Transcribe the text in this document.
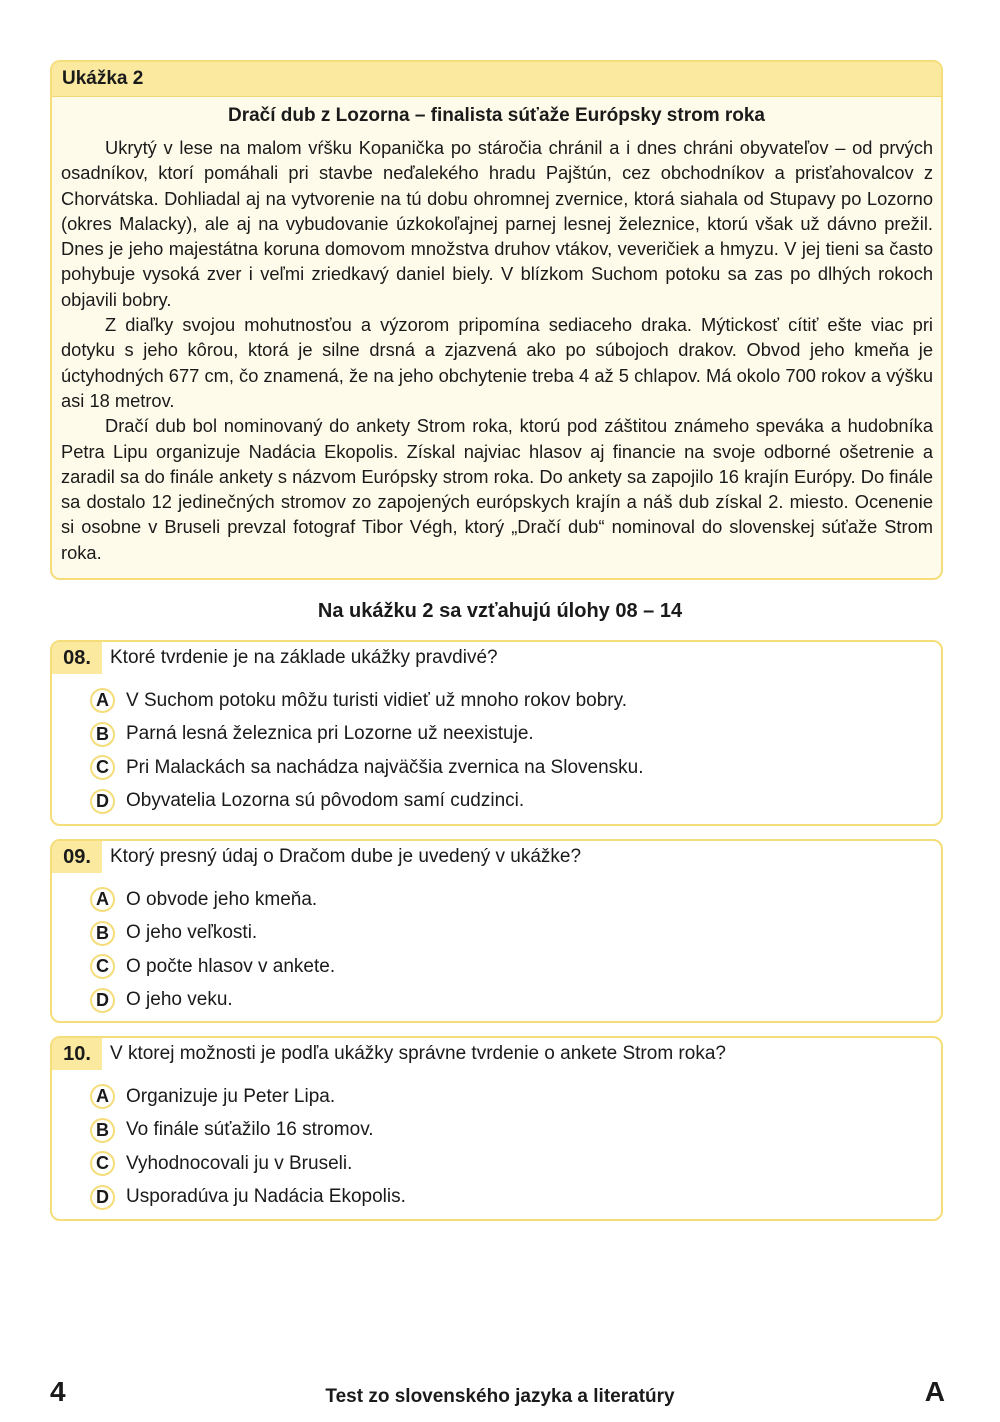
Ukážka 2
Dračí dub z Lozorna – finalista súťaže Európsky strom roka

Ukrytý v lese na malom vŕšku Kopanička po stáročia chránil a i dnes chráni obyvateľov – od prvých osadníkov, ktorí pomáhali pri stavbe neďalekého hradu Pajštún, cez obchodníkov a prisťahovalcov z Chorvátska. Dohliadal aj na vytvorenie na tú dobu ohromnej zvernice, ktorá siahala od Stupavy po Lozorno (okres Malacky), ale aj na vybudovanie úzkokoľajnej parnej lesnej železnice, ktorú však už dávno prežil. Dnes je jeho majestátna koruna domovom množstva druhov vtákov, veveričiek a hmyzu. V jej tieni sa často pohybuje vysoká zver i veľmi zriedkavý daniel biely. V blízkom Suchom potoku sa zas po dlhých rokoch objavili bobry.

Z diaľky svojou mohutnosťou a výzorom pripomína sediaceho draka. Mýtickosť cítiť ešte viac pri dotyku s jeho kôrou, ktorá je silne drsná a zjazvená ako po súbojoch drakov. Obvod jeho kmeňa je úctyhodných 677 cm, čo znamená, že na jeho obchytenie treba 4 až 5 chlapov. Má okolo 700 rokov a výšku asi 18 metrov.

Dračí dub bol nominovaný do ankety Strom roka, ktorú pod záštitou známeho speváka a hudobníka Petra Lipu organizuje Nadácia Ekopolis. Získal najviac hlasov aj financie na svoje odborné ošetrenie a zaradil sa do finále ankety s názvom Európsky strom roka. Do ankety sa zapojilo 16 krajín Európy. Do finále sa dostalo 12 jedinečných stromov zo zapojených európskych krajín a náš dub získal 2. miesto. Ocenenie si osobne v Bruseli prevzal fotograf Tibor Végh, ktorý „Dračí dub“ nominoval do slovenskej súťaže Strom roka.

Na ukážku 2 sa vzťahujú úlohy 08 – 14
08.	Ktoré tvrdenie je na základe ukážky pravdivé?
A V Suchom potoku môžu turisti vidieť už mnoho rokov bobry.
B Parná lesná železnica pri Lozorne už neexistuje.
C Pri Malackách sa nachádza najväčšia zvernica na Slovensku.
D Obyvatelia Lozorna sú pôvodom samí cudzinci.
09.	Ktorý presný údaj o Dračom dube je uvedený v ukážke?
A O obvode jeho kmeňa.
B O jeho veľkosti.
C O počte hlasov v ankete.
D O jeho veku.
10.	V ktorej možnosti je podľa ukážky správne tvrdenie o ankete Strom roka?
A Organizuje ju Peter Lipa.
B Vo finále súťažilo 16 stromov.
C Vyhodnocovali ju v Bruseli.
D Usporadúva ju Nadácia Ekopolis.
4	Test zo slovenského jazyka a literatúry	A
